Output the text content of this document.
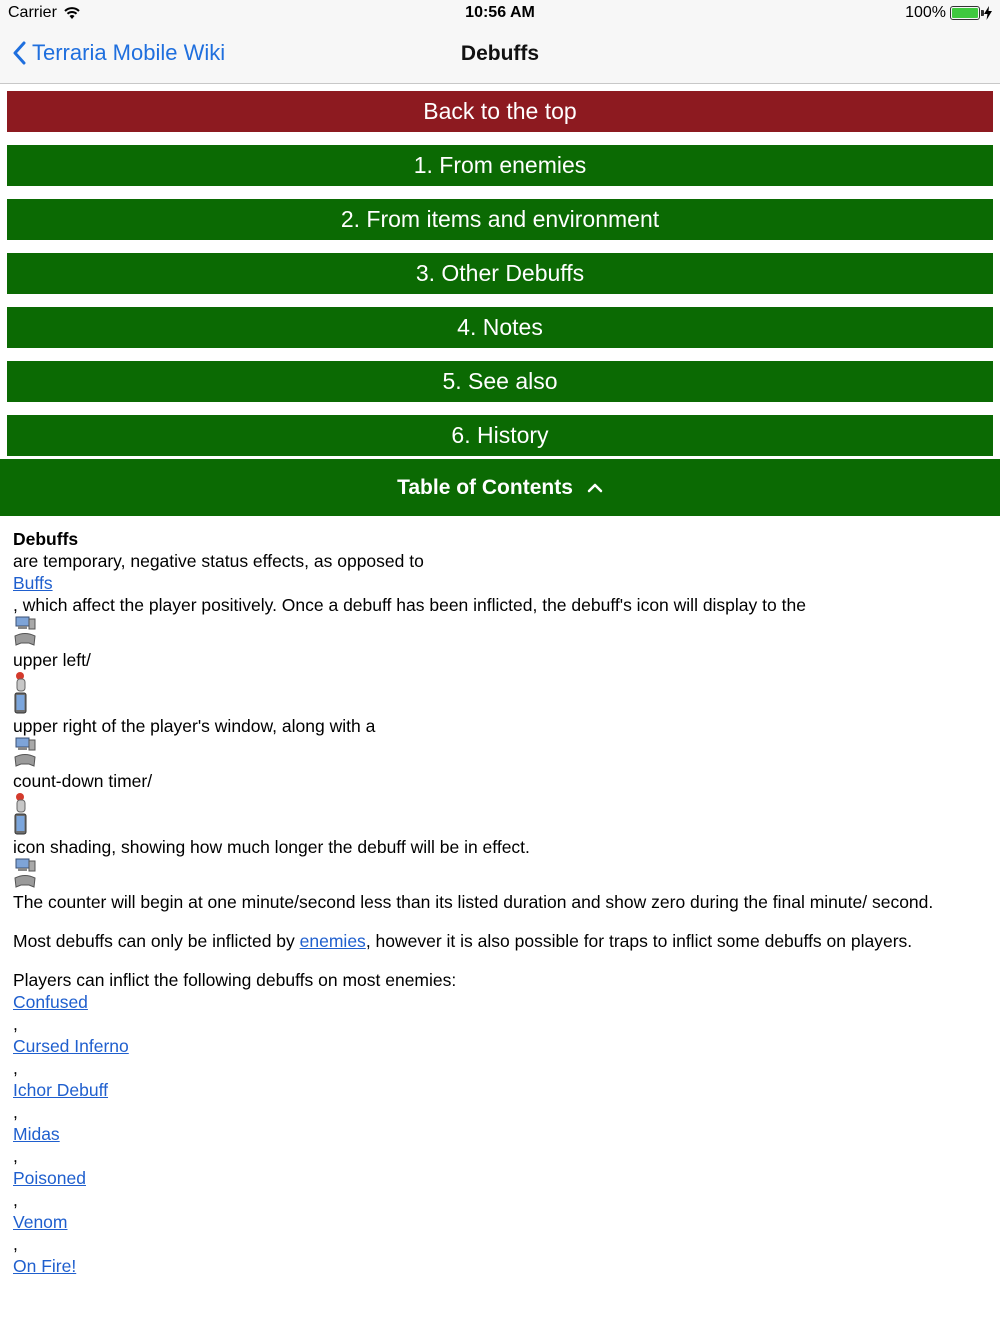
Carrier	10:56 AM	100%
Terraria Mobile Wiki	Debuffs
Back to the top
1. From enemies
2. From items and environment
3. Other Debuffs
4. Notes
5. See also
6. History
Table of Contents
Debuffs
are temporary, negative status effects, as opposed to
Buffs
, which affect the player positively. Once a debuff has been inflicted, the debuff's icon will display to the
upper left/
upper right of the player's window, along with a
count-down timer/
icon shading, showing how much longer the debuff will be in effect.
The counter will begin at one minute/second less than its listed duration and show zero during the final minute/ second.

Most debuffs can only be inflicted by enemies, however it is also possible for traps to inflict some debuffs on players.

Players can inflict the following debuffs on most enemies:
Confused
,
Cursed Inferno
,
Ichor Debuff
,
Midas
,
Poisoned
,
Venom
,
On Fire!
